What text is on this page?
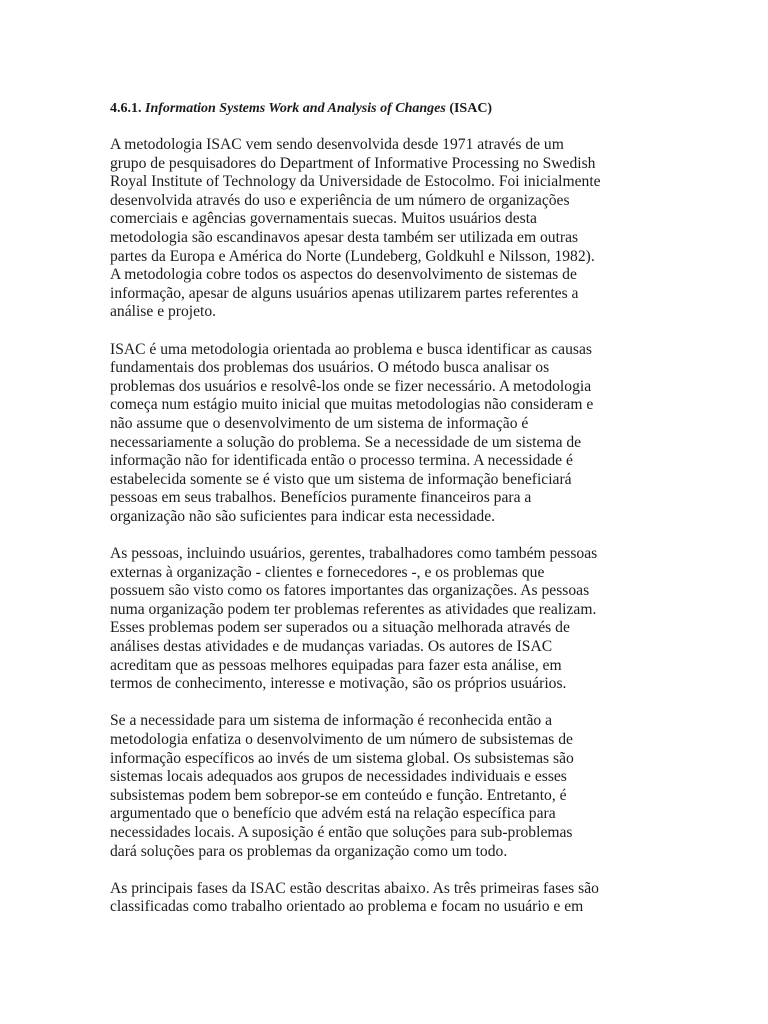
4.6.1. Information Systems Work and Analysis of Changes (ISAC)

A metodologia ISAC vem sendo desenvolvida desde 1971 através de um
grupo de pesquisadores do Department of Informative Processing no Swedish
Royal Institute of Technology da Universidade de Estocolmo. Foi inicialmente
desenvolvida através do uso e experiência de um número de organizações
comerciais e agências governamentais suecas. Muitos usuários desta
metodologia são escandinavos apesar desta também ser utilizada em outras
partes da Europa e América do Norte (Lundeberg, Goldkuhl e Nilsson, 1982).
A metodologia cobre todos os aspectos do desenvolvimento de sistemas de
informação, apesar de alguns usuários apenas utilizarem partes referentes a
análise e projeto.

ISAC é uma metodologia orientada ao problema e busca identificar as causas
fundamentais dos problemas dos usuários. O método busca analisar os
problemas dos usuários e resolvê-los onde se fizer necessário. A metodologia
começa num estágio muito inicial que muitas metodologias não consideram e
não assume que o desenvolvimento de um sistema de informação é
necessariamente a solução do problema. Se a necessidade de um sistema de
informação não for identificada então o processo termina. A necessidade é
estabelecida somente se é visto que um sistema de informação beneficiará
pessoas em seus trabalhos. Benefícios puramente financeiros para a
organização não são suficientes para indicar esta necessidade.

As pessoas, incluindo usuários, gerentes, trabalhadores como também pessoas
externas à organização - clientes e fornecedores -, e os problemas que
possuem são visto como os fatores importantes das organizações. As pessoas
numa organização podem ter problemas referentes as atividades que realizam.
Esses problemas podem ser superados ou a situação melhorada através de
análises destas atividades e de mudanças variadas. Os autores de ISAC
acreditam que as pessoas melhores equipadas para fazer esta análise, em
termos de conhecimento, interesse e motivação, são os próprios usuários.

Se a necessidade para um sistema de informação é reconhecida então a
metodologia enfatiza o desenvolvimento de um número de subsistemas de
informação específicos ao invés de um sistema global. Os subsistemas são
sistemas locais adequados aos grupos de necessidades individuais e esses
subsistemas podem bem sobrepor-se em conteúdo e função. Entretanto, é
argumentado que o benefício que advém está na relação específica para
necessidades locais. A suposição é então que soluções para sub-problemas
dará soluções para os problemas da organização como um todo.

As principais fases da ISAC estão descritas abaixo. As três primeiras fases são
classificadas como trabalho orientado ao problema e focam no usuário e em
